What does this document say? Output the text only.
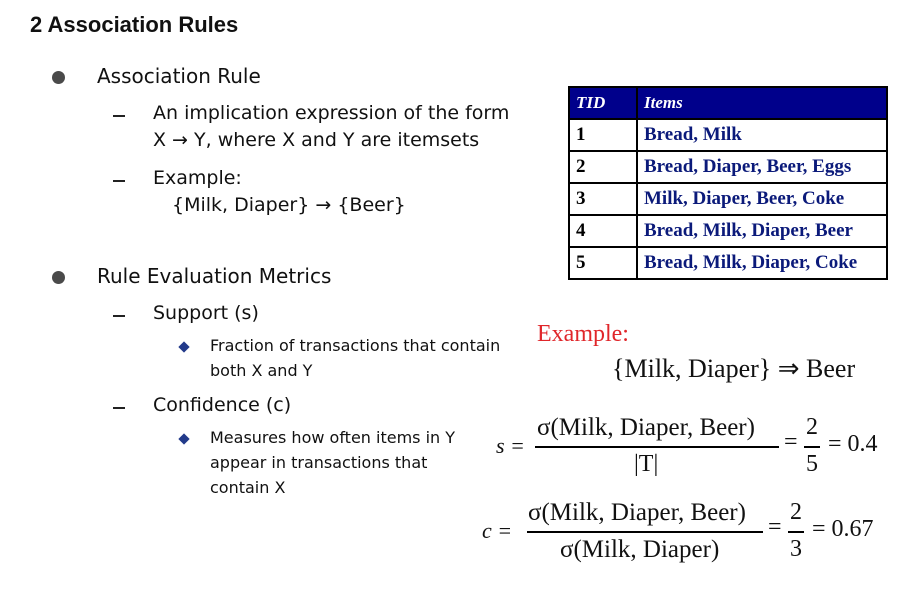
2 Association Rules
Association Rule
An implication expression of the form
X → Y, where X and Y are itemsets
Example:
{Milk, Diaper} → {Beer}
Rule Evaluation Metrics
Support (s)
Fraction of transactions that contain
both X and Y
Confidence (c)
Measures how often items in Y
appear in transactions that
contain X
TID	Items
1	Bread, Milk
2	Bread, Diaper, Beer, Eggs
3	Milk, Diaper, Beer, Coke
4	Bread, Milk, Diaper, Beer
5	Bread, Milk, Diaper, Coke
Example:
{Milk, Diaper} ⇒ Beer
s =
σ(Milk, Diaper, Beer)
|T|
=
2
5
= 0.4
c =
σ(Milk, Diaper, Beer)
σ(Milk, Diaper)
=
2
3
= 0.67
